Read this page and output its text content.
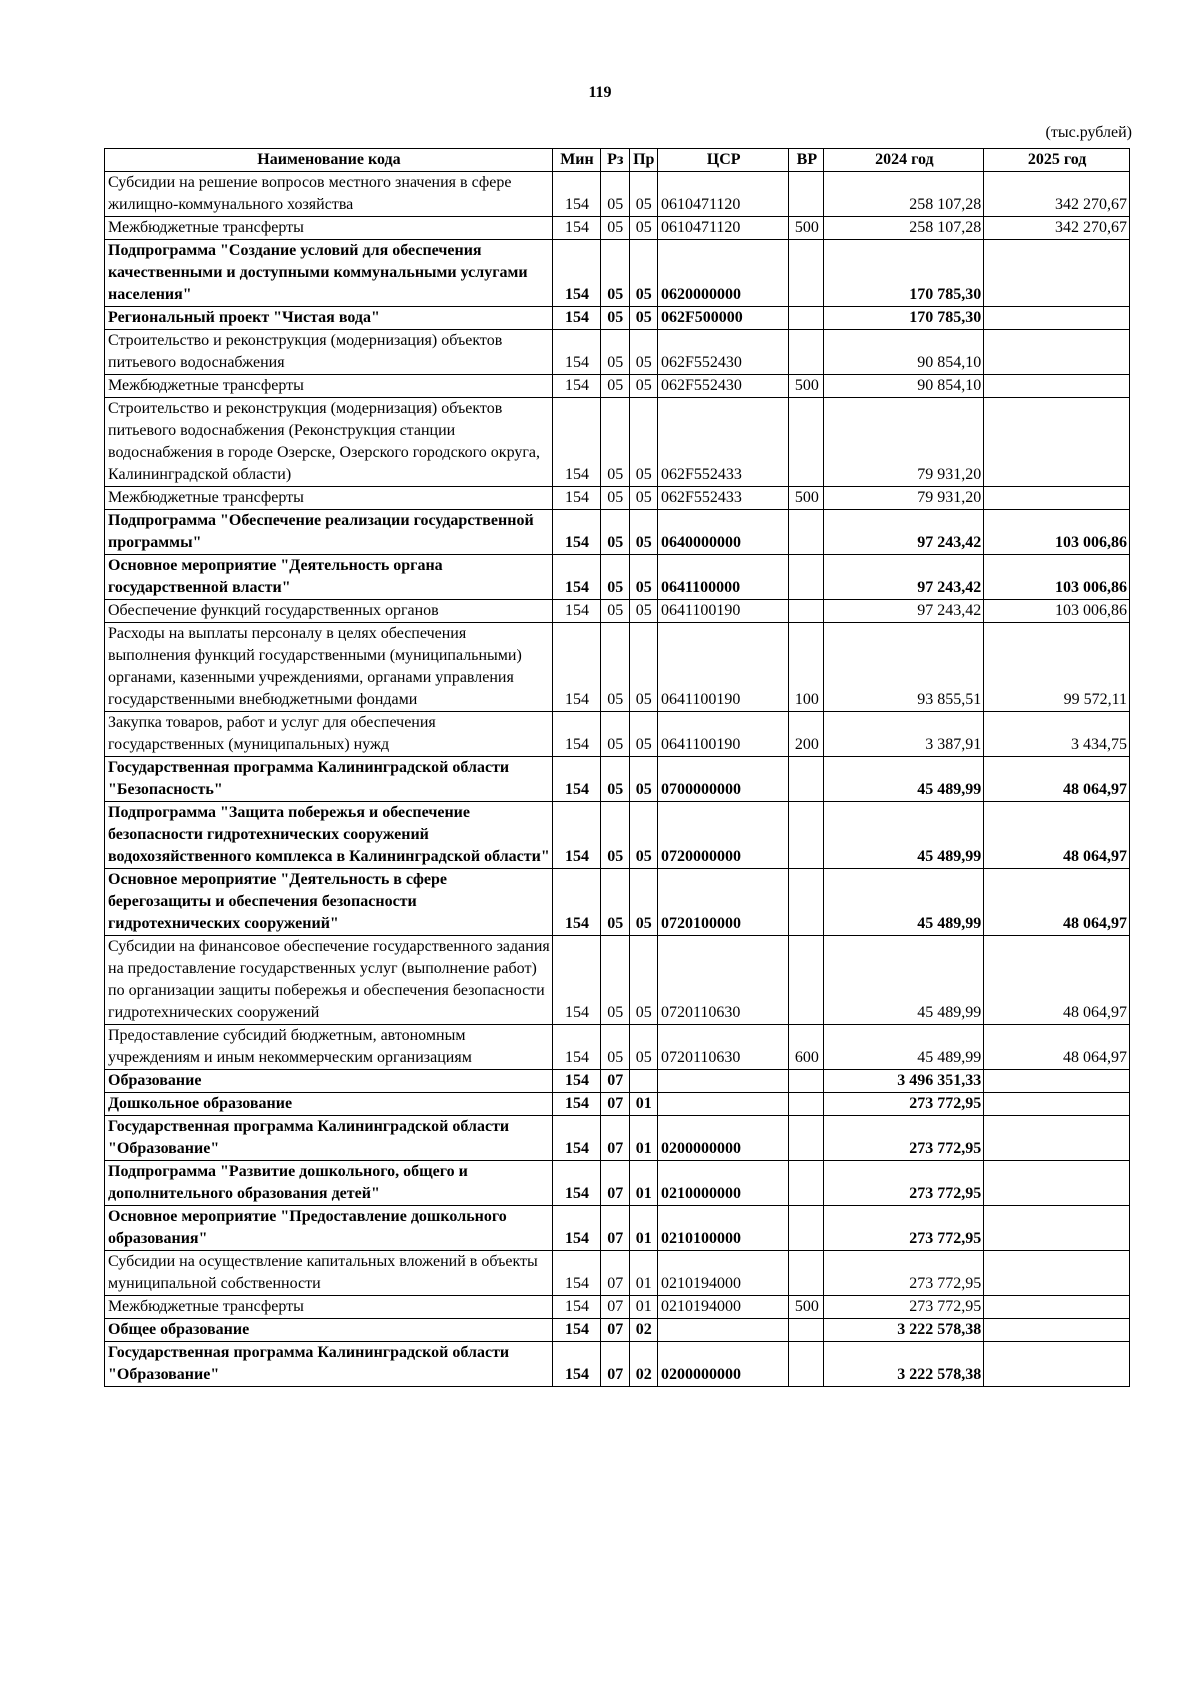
119
(тыс.рублей)
Наименование кода	Мин	Рз	Пр	ЦСР	ВР	2024 год	2025 год
Субсидии на решение вопросов местного значения в сфере жилищно-коммунального хозяйства	154	05	05	0610471120		258 107,28	342 270,67
Межбюджетные трансферты	154	05	05	0610471120	500	258 107,28	342 270,67
Подпрограмма "Создание условий для обеспечения качественными и доступными коммунальными услугами населения"	154	05	05	0620000000		170 785,30	
Региональный проект "Чистая вода"	154	05	05	062F500000		170 785,30	
Строительство и реконструкция (модернизация) объектов питьевого водоснабжения	154	05	05	062F552430		90 854,10	
Межбюджетные трансферты	154	05	05	062F552430	500	90 854,10	
Строительство и реконструкция (модернизация) объектов питьевого водоснабжения (Реконструкция станции водоснабжения в городе Озерске, Озерского городского округа, Калининградской области)	154	05	05	062F552433		79 931,20	
Межбюджетные трансферты	154	05	05	062F552433	500	79 931,20	
Подпрограмма "Обеспечение реализации государственной программы"	154	05	05	0640000000		97 243,42	103 006,86
Основное мероприятие "Деятельность органа государственной власти"	154	05	05	0641100000		97 243,42	103 006,86
Обеспечение функций государственных органов	154	05	05	0641100190		97 243,42	103 006,86
Расходы на выплаты персоналу в целях обеспечения выполнения функций государственными (муниципальными) органами, казенными учреждениями, органами управления государственными внебюджетными фондами	154	05	05	0641100190	100	93 855,51	99 572,11
Закупка товаров, работ и услуг для обеспечения государственных (муниципальных) нужд	154	05	05	0641100190	200	3 387,91	3 434,75
Государственная программа Калининградской области "Безопасность"	154	05	05	0700000000		45 489,99	48 064,97
Подпрограмма "Защита побережья и обеспечение безопасности гидротехнических сооружений водохозяйственного комплекса в Калининградской области"	154	05	05	0720000000		45 489,99	48 064,97
Основное мероприятие "Деятельность в сфере берегозащиты и обеспечения безопасности гидротехнических сооружений"	154	05	05	0720100000		45 489,99	48 064,97
Субсидии на финансовое обеспечение государственного задания на предоставление государственных услуг (выполнение работ) по организации защиты побережья и обеспечения безопасности гидротехнических сооружений	154	05	05	0720110630		45 489,99	48 064,97
Предоставление субсидий бюджетным, автономным учреждениям и иным некоммерческим организациям	154	05	05	0720110630	600	45 489,99	48 064,97
Образование	154	07				3 496 351,33	
Дошкольное образование	154	07	01			273 772,95	
Государственная программа Калининградской области "Образование"	154	07	01	0200000000		273 772,95	
Подпрограмма "Развитие дошкольного, общего и дополнительного образования детей"	154	07	01	0210000000		273 772,95	
Основное мероприятие "Предоставление дошкольного образования"	154	07	01	0210100000		273 772,95	
Субсидии на осуществление капитальных вложений в объекты муниципальной собственности	154	07	01	0210194000		273 772,95	
Межбюджетные трансферты	154	07	01	0210194000	500	273 772,95	
Общее образование	154	07	02			3 222 578,38	
Государственная программа Калининградской области "Образование"	154	07	02	0200000000		3 222 578,38	
